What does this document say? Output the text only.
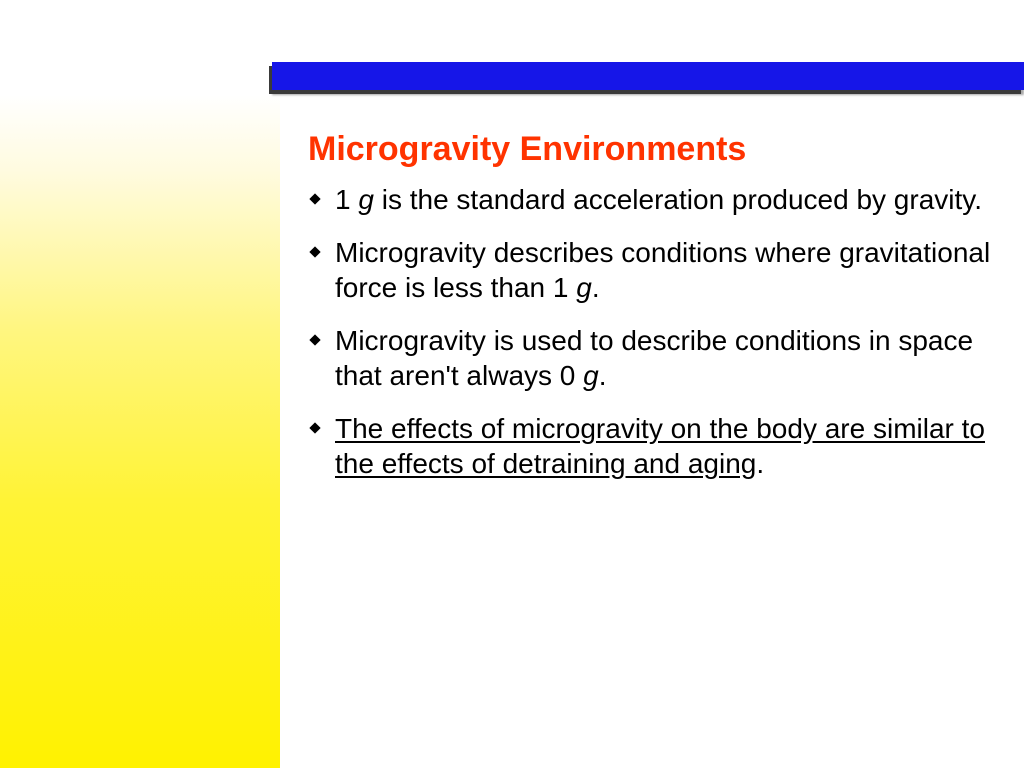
Microgravity Environments
1 g is the standard acceleration produced by gravity.
Microgravity describes conditions where gravitational force is less than 1 g.
Microgravity is used to describe conditions in space that aren't always 0 g.
The effects of microgravity on the body are similar to the effects of detraining and aging.
